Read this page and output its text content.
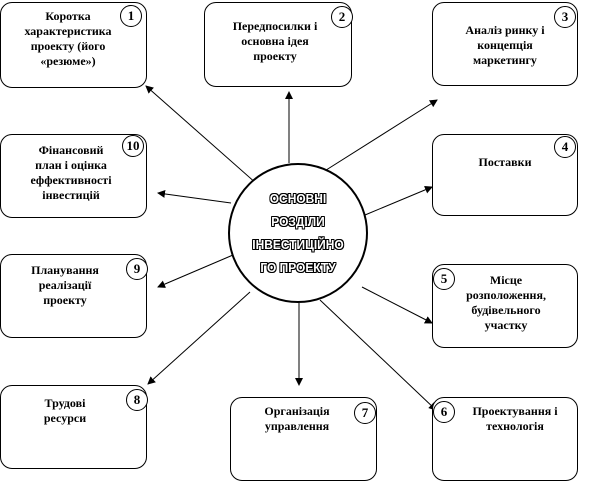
Коротка
характеристика
проекту (його
«резюме»)
1
Передпосилки і
основна ідея
проекту
2
Аналіз ринку і
концепція
маркетингу
3
Фінансовий
план і оцінка
еффективності
інвестицій
10
Поставки
4
Планування
реалізації
проекту
9
Місце
розположення,
будівельного
участку
5
Трудові
ресурси
8
Організація
управлення
7	Проектування і
технологія
6
ОСНОВНІ
РОЗДІЛИ
ІНВЕСТИЦІЙНО
ГО ПРОЕКТУ
